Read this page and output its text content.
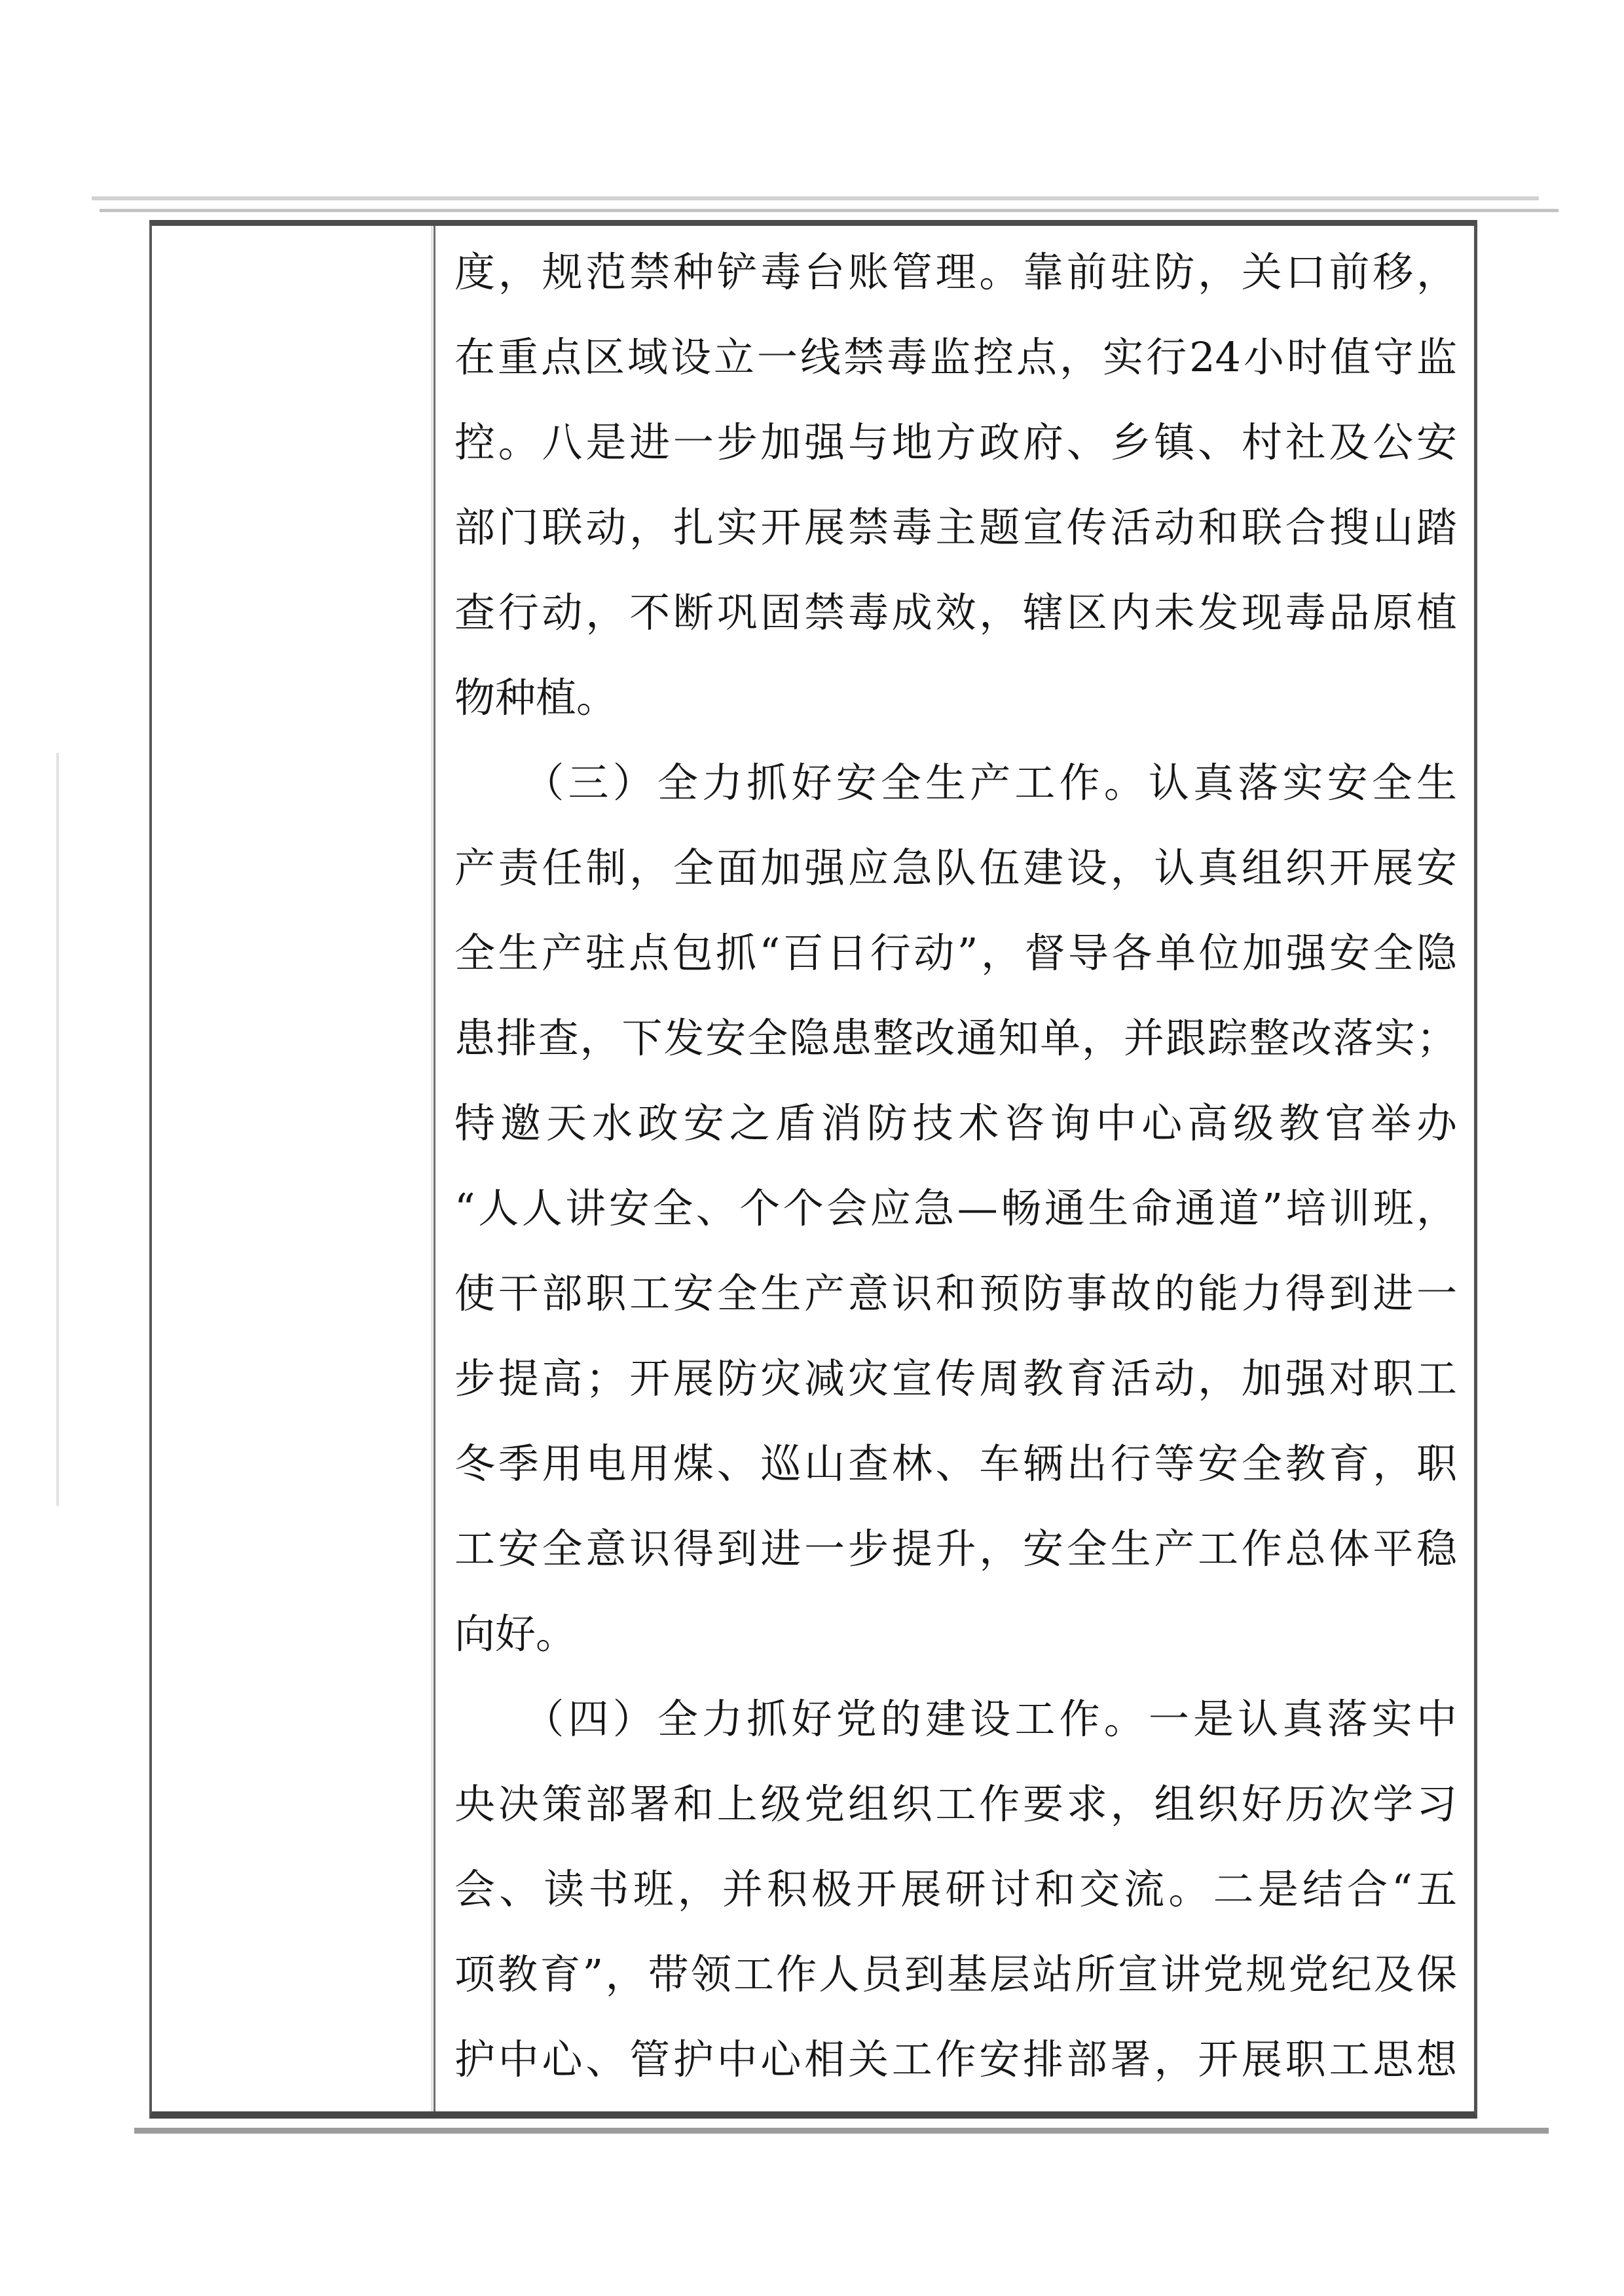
度，规范禁种铲毒台账管理。靠前驻防，关口前移，
在重点区域设立一线禁毒监控点，实行24小时值守监
控。八是进一步加强与地方政府、乡镇、村社及公安
部门联动，扎实开展禁毒主题宣传活动和联合搜山踏
查行动，不断巩固禁毒成效，辖区内未发现毒品原植
物种植。
　　（三）全力抓好安全生产工作。认真落实安全生
产责任制，全面加强应急队伍建设，认真组织开展安
全生产驻点包抓“百日行动”，督导各单位加强安全隐
患排查，下发安全隐患整改通知单，并跟踪整改落实；
特邀天水政安之盾消防技术咨询中心高级教官举办
“人人讲安全、个个会应急—畅通生命通道”培训班，
使干部职工安全生产意识和预防事故的能力得到进一
步提高；开展防灾减灾宣传周教育活动，加强对职工
冬季用电用煤、巡山查林、车辆出行等安全教育，职
工安全意识得到进一步提升，安全生产工作总体平稳
向好。
　　（四）全力抓好党的建设工作。一是认真落实中
央决策部署和上级党组织工作要求，组织好历次学习
会、读书班，并积极开展研讨和交流。二是结合“五
项教育”，带领工作人员到基层站所宣讲党规党纪及保
护中心、管护中心相关工作安排部署，开展职工思想
